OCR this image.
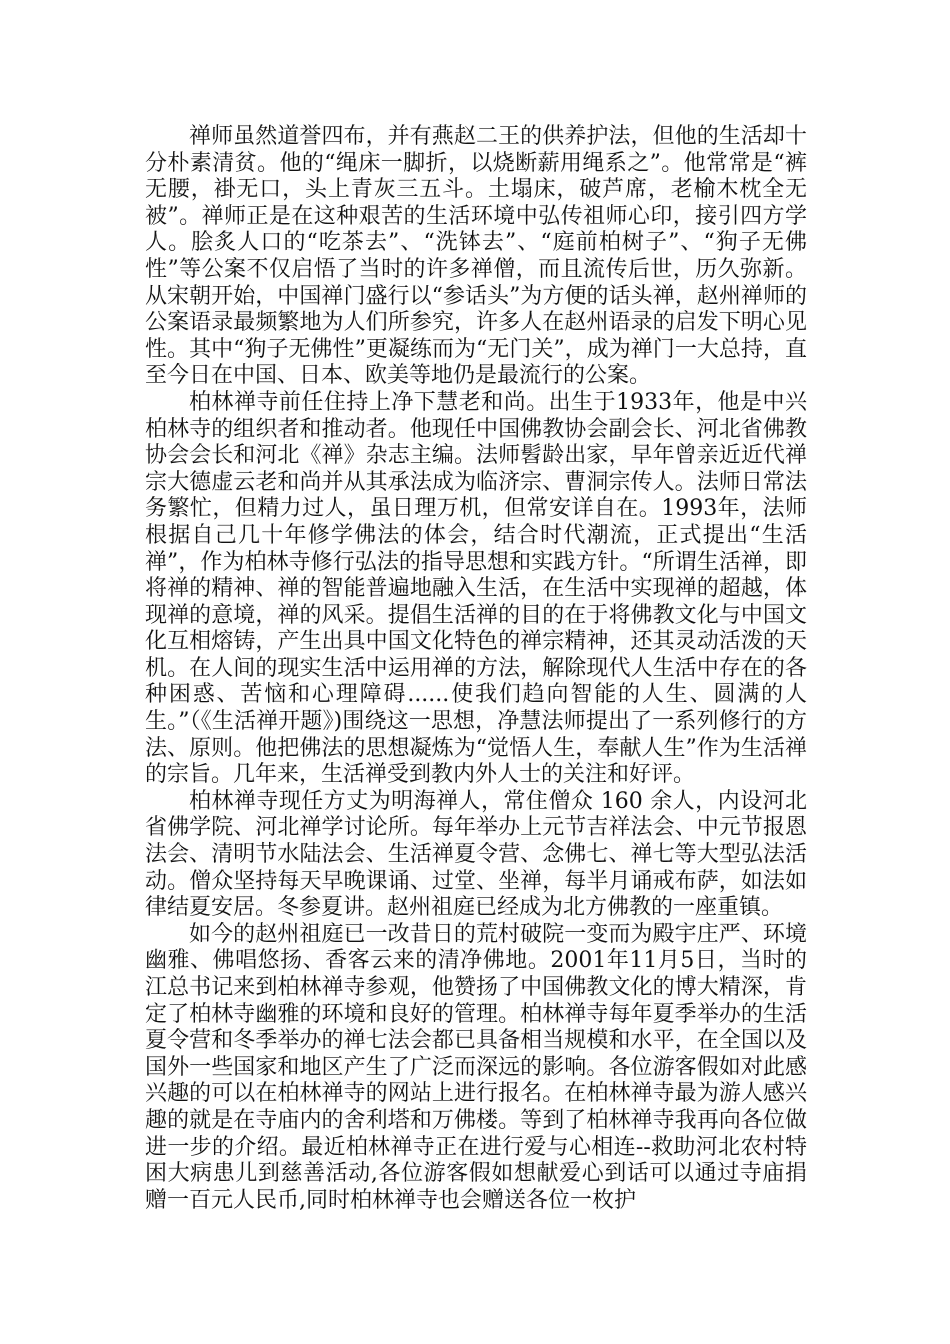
禅师虽然道誉四布，并有燕赵二王的供养护法，但他的生活却十分朴素清贫。他的“绳床一脚折，以烧断薪用绳系之”。他常常是“裤无腰，褂无口，头上青灰三五斗。土塌床，破芦席，老榆木枕全无被”。禅师正是在这种艰苦的生活环境中弘传祖师心印，接引四方学人。脍炙人口的“吃茶去”、“洗钵去”、“庭前柏树子”、“狗子无佛性”等公案不仅启悟了当时的许多禅僧，而且流传后世，历久弥新。从宋朝开始，中国禅门盛行以“参话头”为方便的话头禅，赵州禅师的公案语录最频繁地为人们所参究，许多人在赵州语录的启发下明心见性。其中“狗子无佛性”更凝练而为“无门关”，成为禅门一大总持，直至今日在中国、日本、欧美等地仍是最流行的公案。

柏林禅寺前任住持上净下慧老和尚。出生于1933年，他是中兴柏林寺的组织者和推动者。他现任中国佛教协会副会长、河北省佛教协会会长和河北《禅》杂志主编。法师髫龄出家，早年曾亲近近代禅宗大德虚云老和尚并从其承法成为临济宗、曹洞宗传人。法师日常法务繁忙，但精力过人，虽日理万机，但常安详自在。1993年，法师根据自己几十年修学佛法的体会，结合时代潮流，正式提出“生活禅”，作为柏林寺修行弘法的指导思想和实践方针。“所谓生活禅，即将禅的精神、禅的智能普遍地融入生活，在生活中实现禅的超越，体现禅的意境，禅的风采。提倡生活禅的目的在于将佛教文化与中国文化互相熔铸，产生出具中国文化特色的禅宗精神，还其灵动活泼的天机。在人间的现实生活中运用禅的方法，解除现代人生活中存在的各种困惑、苦恼和心理障碍......使我们趋向智能的人生、圆满的人生。”（《生活禅开题》)围绕这一思想，净慧法师提出了一系列修行的方法、原则。他把佛法的思想凝炼为“觉悟人生，奉献人生”作为生活禅的宗旨。几年来，生活禅受到教内外人士的关注和好评。

柏林禅寺现任方丈为明海禅人，常住僧众 160 余人，内设河北省佛学院、河北禅学讨论所。每年举办上元节吉祥法会、中元节报恩法会、清明节水陆法会、生活禅夏令营、念佛七、禅七等大型弘法活动。僧众坚持每天早晚课诵、过堂、坐禅，每半月诵戒布萨，如法如律结夏安居。冬参夏讲。赵州祖庭已经成为北方佛教的一座重镇。

如今的赵州祖庭已一改昔日的荒村破院一变而为殿宇庄严、环境幽雅、佛唱悠扬、香客云来的清净佛地。2001年11月5日，当时的江总书记来到柏林禅寺参观，他赞扬了中国佛教文化的博大精深，肯定了柏林寺幽雅的环境和良好的管理。柏林禅寺每年夏季举办的生活夏令营和冬季举办的禅七法会都已具备相当规模和水平，在全国以及国外一些国家和地区产生了广泛而深远的影响。各位游客假如对此感兴趣的可以在柏林禅寺的网站上进行报名。在柏林禅寺最为游人感兴趣的就是在寺庙内的舍利塔和万佛楼。等到了柏林禅寺我再向各位做进一步的介绍。最近柏林禅寺正在进行爱与心相连--救助河北农村特困大病患儿到慈善活动,各位游客假如想献爱心到话可以通过寺庙捐赠一百元人民币,同时柏林禅寺也会赠送各位一枚护
